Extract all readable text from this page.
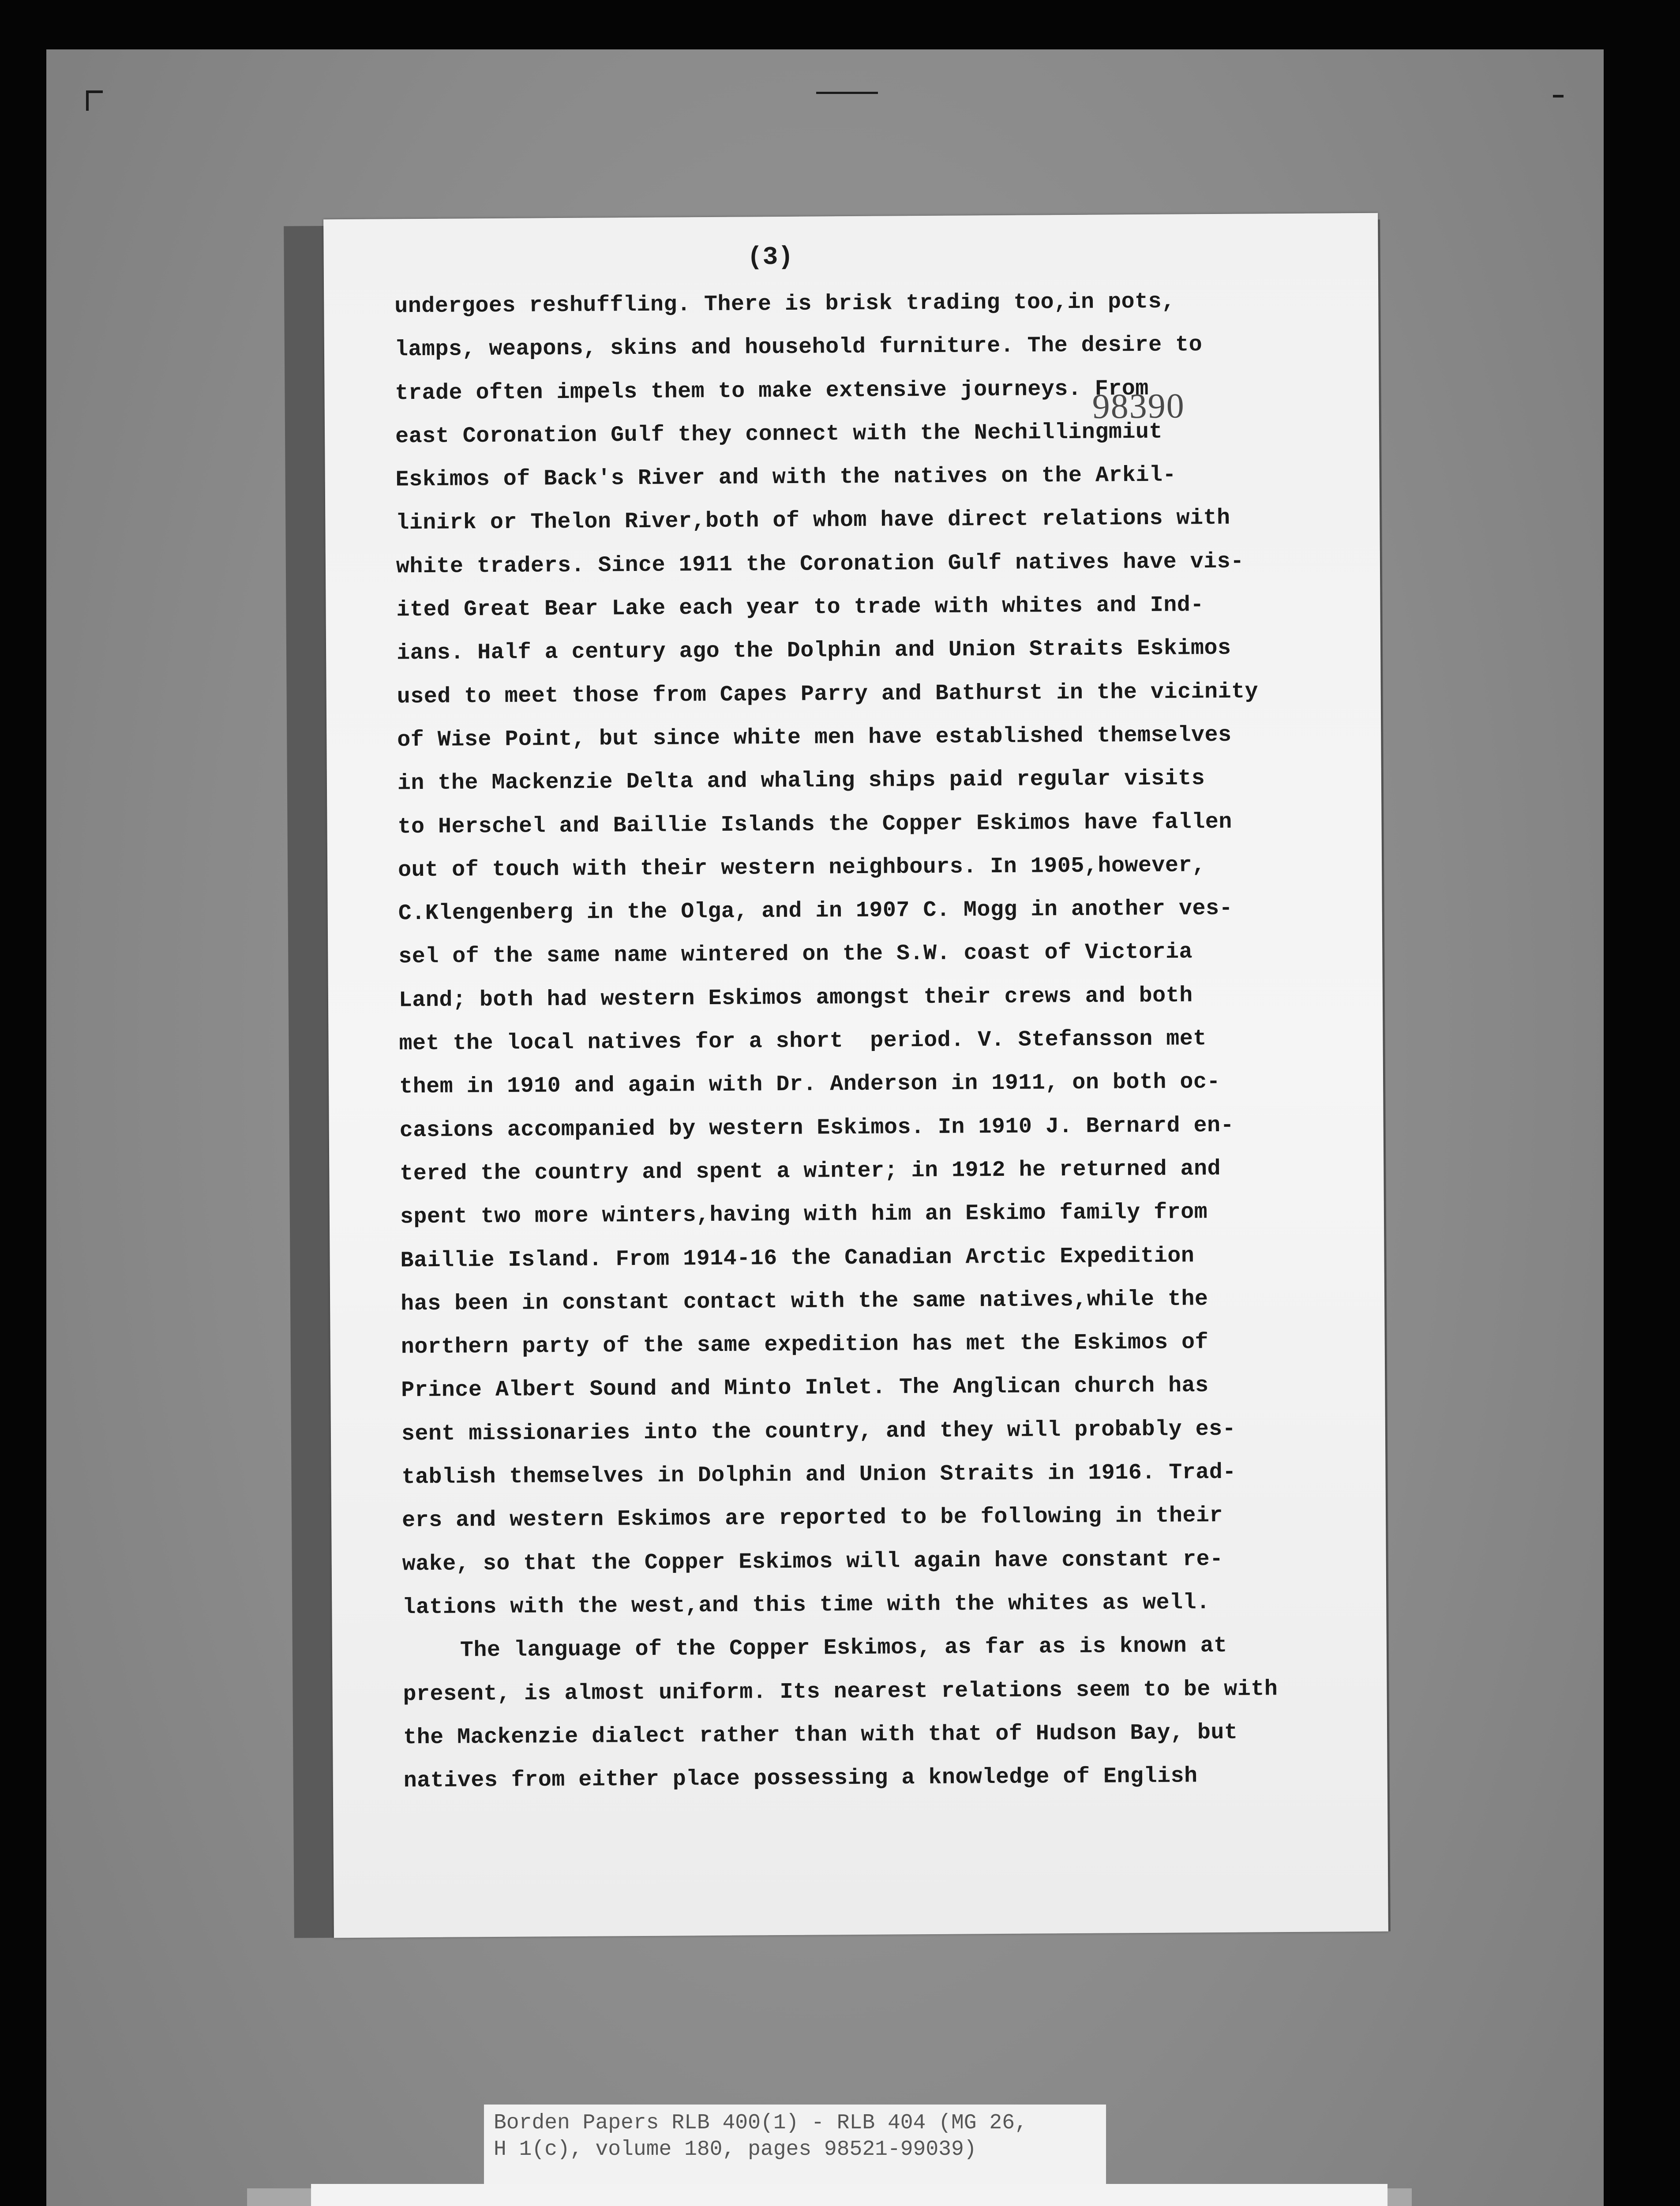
(3)
98390
undergoes reshuffling. There is brisk trading too,in pots,
lamps, weapons, skins and household furniture. The desire to
trade often impels them to make extensive journeys. From
east Coronation Gulf they connect with the Nechillingmiut
Eskimos of Back's River and with the natives on the Arkil-
linirk or Thelon River,both of whom have direct relations with
white traders. Since 1911 the Coronation Gulf natives have vis-
ited Great Bear Lake each year to trade with whites and Ind-
ians. Half a century ago the Dolphin and Union Straits Eskimos
used to meet those from Capes Parry and Bathurst in the vicinity
of Wise Point, but since white men have established themselves
in the Mackenzie Delta and whaling ships paid regular visits
to Herschel and Baillie Islands the Copper Eskimos have fallen
out of touch with their western neighbours. In 1905,however,
C.Klengenberg in the Olga, and in 1907 C. Mogg in another ves-
sel of the same name wintered on the S.W. coast of Victoria
Land; both had western Eskimos amongst their crews and both
met the local natives for a short  period. V. Stefansson met
them in 1910 and again with Dr. Anderson in 1911, on both oc-
casions accompanied by western Eskimos. In 1910 J. Bernard en-
tered the country and spent a winter; in 1912 he returned and
spent two more winters,having with him an Eskimo family from
Baillie Island. From 1914-16 the Canadian Arctic Expedition
has been in constant contact with the same natives,while the
northern party of the same expedition has met the Eskimos of
Prince Albert Sound and Minto Inlet. The Anglican church has
sent missionaries into the country, and they will probably es-
tablish themselves in Dolphin and Union Straits in 1916. Trad-
ers and western Eskimos are reported to be following in their
wake, so that the Copper Eskimos will again have constant re-
lations with the west,and this time with the whites as well.
The language of the Copper Eskimos, as far as is known at
present, is almost uniform. Its nearest relations seem to be with
the Mackenzie dialect rather than with that of Hudson Bay, but
natives from either place possessing a knowledge of English
Borden Papers RLB 400(1) - RLB 404 (MG 26,
H 1(c), volume 180, pages 98521-99039)
